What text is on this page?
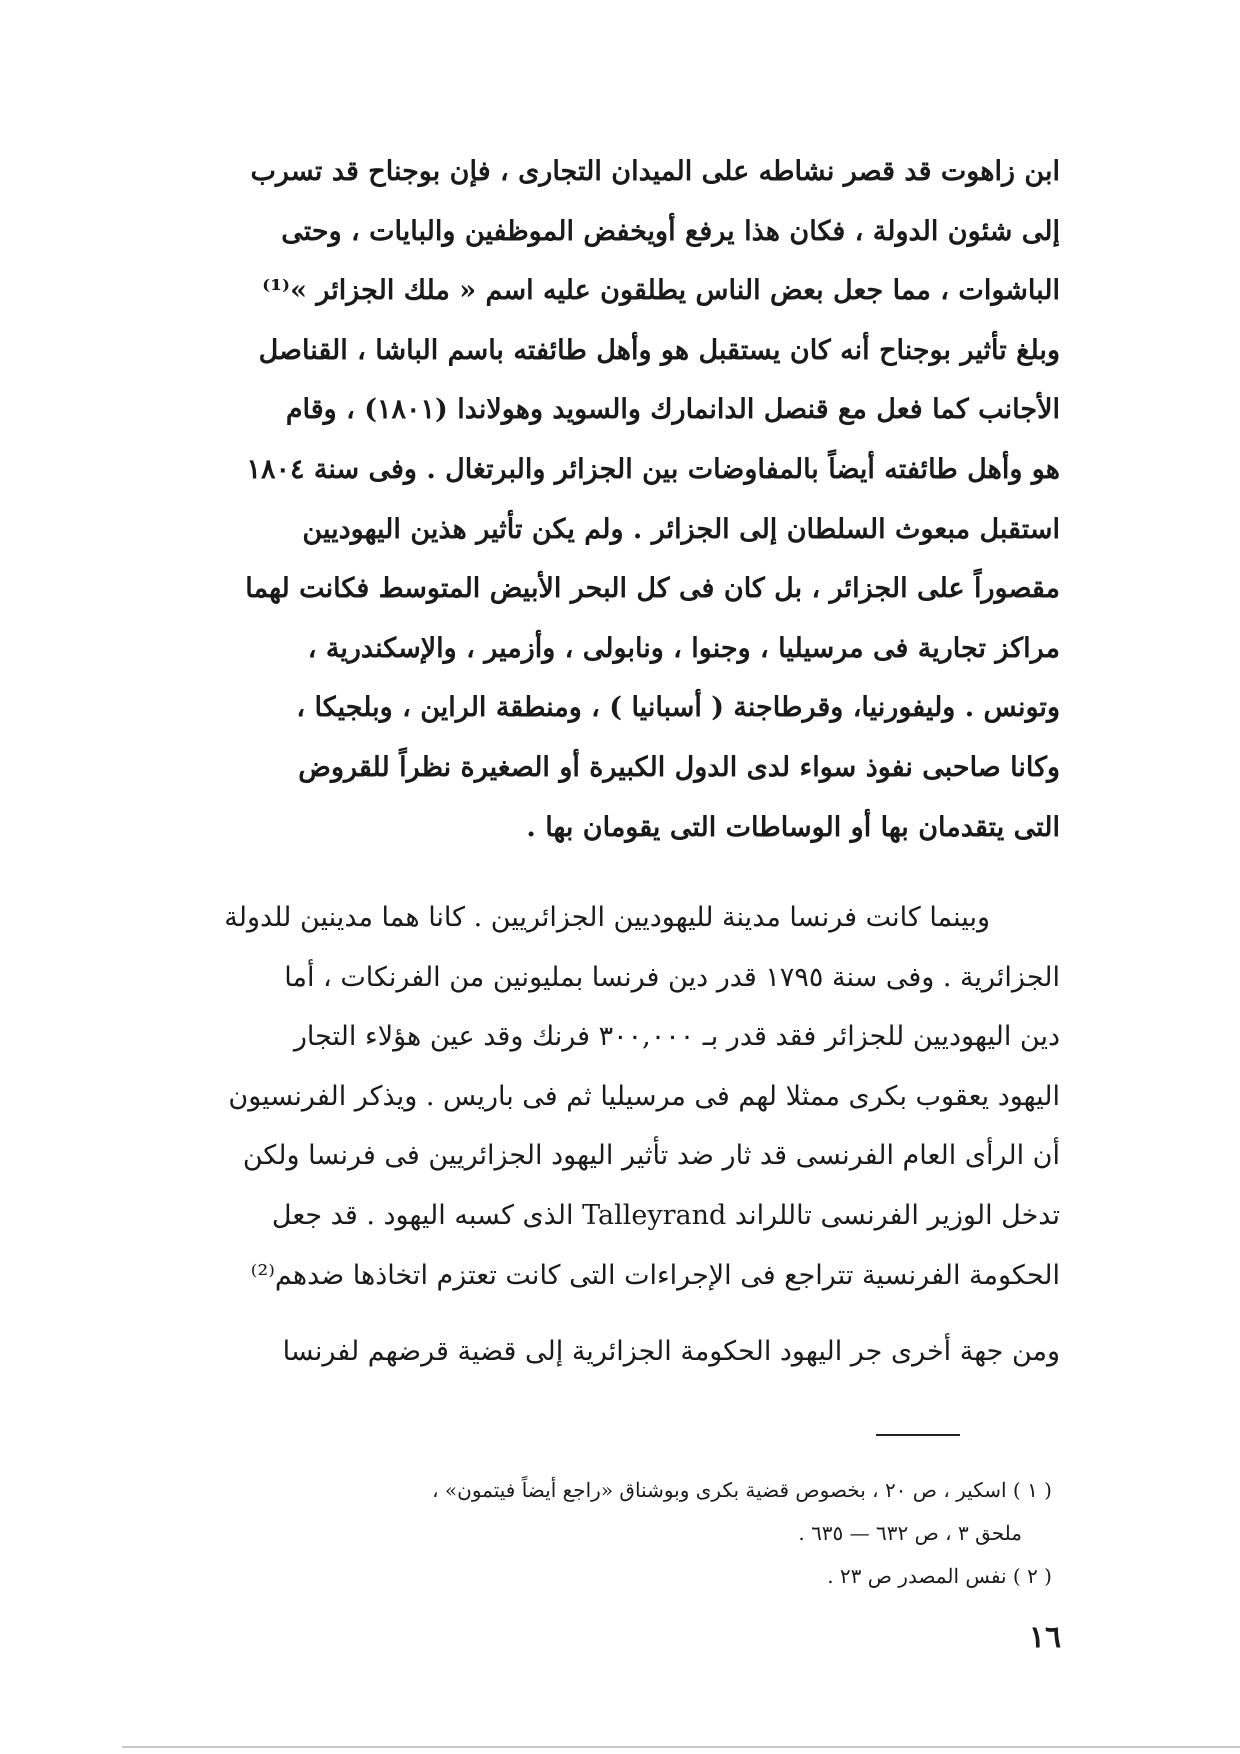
ابن زاهوت قد قصر نشاطه على الميدان التجارى ، فإن بوجناح قد تسرب
إلى شئون الدولة ، فكان هذا يرفع أويخفض الموظفين والبايات ، وحتى
الباشوات ، مما جعل بعض الناس يطلقون عليه اسم « ملك الجزائر »⁽¹⁾
وبلغ تأثير بوجناح أنه كان يستقبل هو وأهل طائفته باسم الباشا ، القناصل
الأجانب كما فعل مع قنصل الدانمارك والسويد وهولاندا (١٨٠١) ، وقام
هو وأهل طائفته أيضاً بالمفاوضات بين الجزائر والبرتغال . وفى سنة ١٨٠٤
استقبل مبعوث السلطان إلى الجزائر . ولم يكن تأثير هذين اليهوديين
مقصوراً على الجزائر ، بل كان فى كل البحر الأبيض المتوسط فكانت لهما
مراكز تجارية فى مرسيليا ، وجنوا ، ونابولى ، وأزمير ، والإسكندرية ،
وتونس . وليفورنيا، وقرطاجنة ( أسبانيا ) ، ومنطقة الراين ، وبلجيكا ،
وكانا صاحبى نفوذ سواء لدى الدول الكبيرة أو الصغيرة نظراً للقروض
التى يتقدمان بها أو الوساطات التى يقومان بها .
وبينما كانت فرنسا مدينة لليهوديين الجزائريين . كانا هما مدينين للدولة
الجزائرية . وفى سنة ١٧٩٥ قدر دين فرنسا بمليونين من الفرنكات ، أما
دين اليهوديين للجزائر فقد قدر بـ ٣٠٠,٠٠٠ فرنك وقد عين هؤلاء التجار
اليهود يعقوب بكرى ممثلا لهم فى مرسيليا ثم فى باريس . ويذكر الفرنسيون
أن الرأى العام الفرنسى قد ثار ضد تأثير اليهود الجزائريين فى فرنسا ولكن
تدخل الوزير الفرنسى تاللراند Talleyrand الذى كسبه اليهود . قد جعل
الحكومة الفرنسية تتراجع فى الإجراءات التى كانت تعتزم اتخاذها ضدهم⁽²⁾
ومن جهة أخرى جر اليهود الحكومة الجزائرية إلى قضية قرضهم لفرنسا
( ١ ) اسكير ، ص ٢٠ ، بخصوص قضية بكرى وبوشناق «راجع أيضاً فيتمون» ،
ملحق ٣ ، ص ٦٣٢ — ٦٣٥ .
( ٢ ) نفس المصدر ص ٢٣ .
١٦
